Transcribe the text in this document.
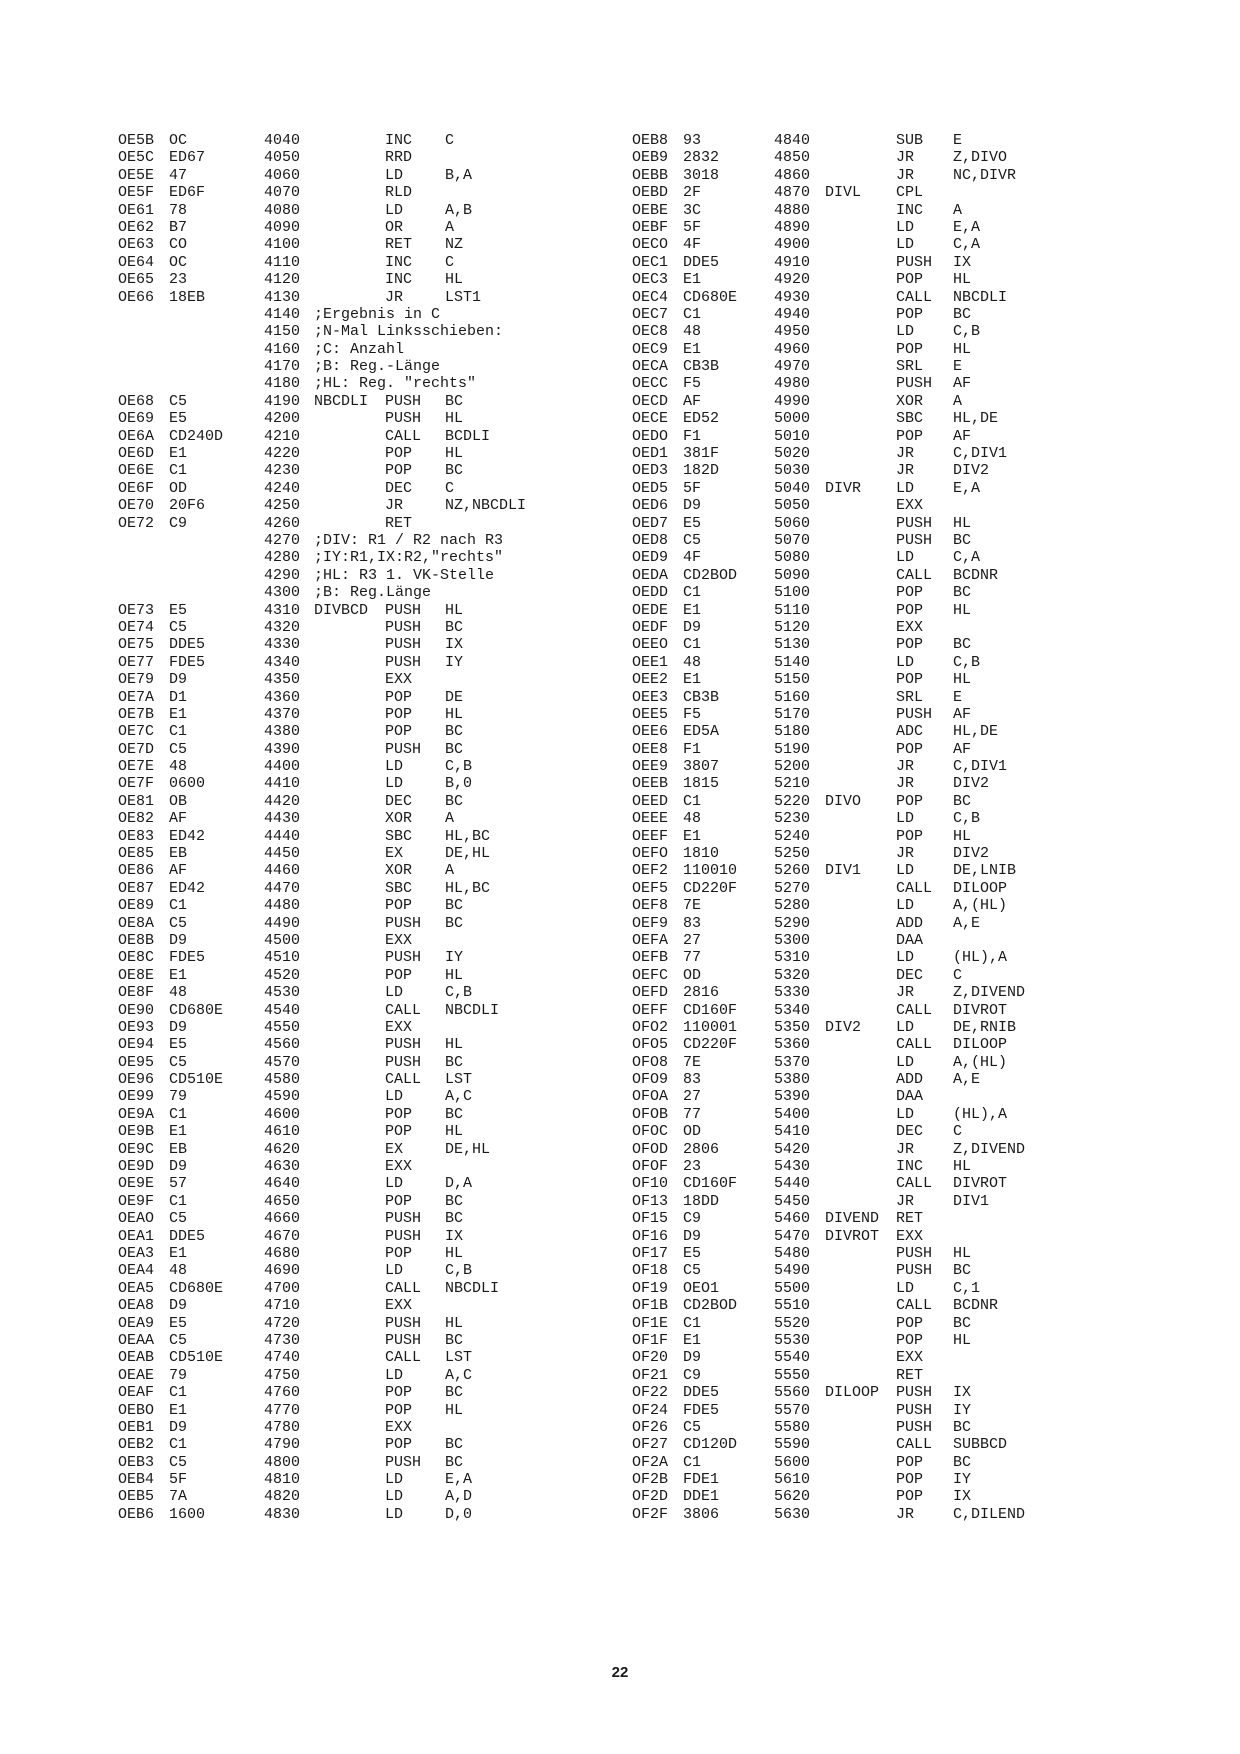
OE5B OC	4040	INC C
OE5C ED67	4050	RRD
OE5E 47	4060	LD	B,A
OE5F ED6F	4070	RLD
OE61 78	4080	LD	A,B
OE62 B7	4090	OR	A
OE63 CO	4100	RET NZ
OE64 OC	4110	INC C
OE65 23	4120	INC HL
OE66 18EB	4130	JR	LST1
4140 ;Ergebnis in C
4150 ;N-Mal Linksschieben:
4160 ;C: Anzahl
4170 ;B: Reg.-Länge
4180 ;HL: Reg. "rechts"
OE68 C5	4190 NBCDLI PUSH BC
OE69 E5	4200	PUSH HL
OE6A CD240D	4210	CALL BCDLI
OE6D E1	4220	POP HL
OE6E C1	4230	POP BC
OE6F OD	4240	DEC C
OE70 20F6	4250	JR	NZ,NBCDLI
OE72 C9	4260	RET
4270 ;DIV: R1 / R2 nach R3
4280 ;IY:R1,IX:R2,"rechts"
4290 ;HL: R3 1. VK-Stelle
4300 ;B: Reg.Länge
OE73 E5	4310 DIVBCD PUSH HL
OE74 C5	4320	PUSH BC
OE75 DDE5	4330	PUSH IX
OE77 FDE5	4340	PUSH IY
OE79 D9	4350	EXX
OE7A D1	4360	POP DE
OE7B E1	4370	POP HL
OE7C C1	4380	POP BC
OE7D C5	4390	PUSH BC
OE7E 48	4400	LD	C,B
OE7F 0600	4410	LD	B,0
OE81 OB	4420	DEC BC
OE82 AF	4430	XOR A
OE83 ED42	4440	SBC HL,BC
OE85 EB	4450	EX	DE,HL
OE86 AF	4460	XOR A
OE87 ED42	4470	SBC HL,BC
OE89 C1	4480	POP BC
OE8A C5	4490	PUSH BC
OE8B D9	4500	EXX
OE8C FDE5	4510	PUSH IY
OE8E E1	4520	POP HL
OE8F 48	4530	LD	C,B
OE90 CD680E	4540	CALL NBCDLI
OE93 D9	4550	EXX
OE94 E5	4560	PUSH HL
OE95 C5	4570	PUSH BC
OE96 CD510E	4580	CALL LST
OE99 79	4590	LD	A,C
OE9A C1	4600	POP BC
OE9B E1	4610	POP HL
OE9C EB	4620	EX	DE,HL
OE9D D9	4630	EXX
OE9E 57	4640	LD	D,A
OE9F C1	4650	POP BC
OEAO C5	4660	PUSH BC
OEA1 DDE5	4670	PUSH IX
OEA3 E1	4680	POP HL
OEA4 48	4690	LD	C,B
OEA5 CD680E	4700	CALL NBCDLI
OEA8 D9	4710	EXX
OEA9 E5	4720	PUSH HL
OEAA C5	4730	PUSH BC
OEAB CD510E	4740	CALL LST
OEAE 79	4750	LD	A,C
OEAF C1	4760	POP BC
OEBO E1	4770	POP HL
OEB1 D9	4780	EXX
OEB2 C1	4790	POP BC
OEB3 C5	4800	PUSH BC
OEB4 5F	4810	LD	E,A
OEB5 7A	4820	LD	A,D
OEB6 1600	4830	LD	D,0
OEB8 93	4840	SUB E
OEB9 2832	4850	JR	Z,DIVO
OEBB 3018	4860	JR	NC,DIVR
OEBD 2F	4870 DIVL CPL
OEBE 3C	4880	INC A
OEBF 5F	4890	LD	E,A
OECO 4F	4900	LD	C,A
OEC1 DDE5	4910	PUSH IX
OEC3 E1	4920	POP HL
OEC4 CD680E 4930	CALL NBCDLI
OEC7 C1	4940	POP BC
OEC8 48	4950	LD	C,B
OEC9 E1	4960	POP HL
OECA CB3B	4970	SRL E
OECC F5	4980	PUSH AF
OECD AF	4990	XOR A
OECE ED52	5000	SBC HL,DE
OEDO F1	5010	POP AF
OED1 381F	5020	JR	C,DIV1
OED3 182D	5030	JR	DIV2
OED5 5F	5040 DIVR LD	E,A
OED6 D9	5050	EXX
OED7 E5	5060	PUSH HL
OED8 C5	5070	PUSH BC
OED9 4F	5080	LD	C,A
OEDA CD2BOD 5090	CALL BCDNR
OEDD C1	5100	POP BC
OEDE E1	5110	POP HL
OEDF D9	5120	EXX
OEEO C1	5130	POP BC
OEE1 48	5140	LD	C,B
OEE2 E1	5150	POP HL
OEE3 CB3B	5160	SRL E
OEE5 F5	5170	PUSH AF
OEE6 ED5A	5180	ADC HL,DE
OEE8 F1	5190	POP AF
OEE9 3807	5200	JR	C,DIV1
OEEB 1815	5210	JR	DIV2
OEED C1	5220 DIVO POP BC
OEEE 48	5230	LD	C,B
OEEF E1	5240	POP HL
OEFO 1810	5250	JR	DIV2
OEF2 110010 5260 DIV1 LD	DE,LNIB
OEF5 CD220F 5270	CALL DILOOP
OEF8 7E	5280	LD	A,(HL)
OEF9 83	5290	ADD A,E
OEFA 27	5300	DAA
OEFB 77	5310	LD	(HL),A
OEFC OD	5320	DEC C
OEFD 2816	5330	JR	Z,DIVEND
OEFF CD160F 5340	CALL DIVROT
OFO2 110001 5350 DIV2 LD	DE,RNIB
OFO5 CD220F 5360	CALL DILOOP
OFO8 7E	5370	LD	A,(HL)
OFO9 83	5380	ADD A,E
OFOA 27	5390	DAA
OFOB 77	5400	LD	(HL),A
OFOC OD	5410	DEC C
OFOD 2806	5420	JR	Z,DIVEND
OFOF 23	5430	INC HL
OF10 CD160F 5440	CALL DIVROT
OF13 18DD	5450	JR	DIV1
OF15 C9	5460 DIVEND RET
OF16 D9	5470 DIVROT EXX
OF17 E5	5480	PUSH HL
OF18 C5	5490	PUSH BC
OF19 OEO1	5500	LD	C,1
OF1B CD2BOD 5510	CALL BCDNR
OF1E C1	5520	POP BC
OF1F E1	5530	POP HL
OF20 D9	5540	EXX
OF21 C9	5550	RET
OF22 DDE5	5560 DILOOP PUSH IX
OF24 FDE5	5570	PUSH IY
OF26 C5	5580	PUSH BC
OF27 CD120D 5590	CALL SUBBCD
OF2A C1	5600	POP BC
OF2B FDE1	5610	POP IY
OF2D DDE1	5620	POP IX
OF2F 3806	5630	JR	C,DILEND
22
